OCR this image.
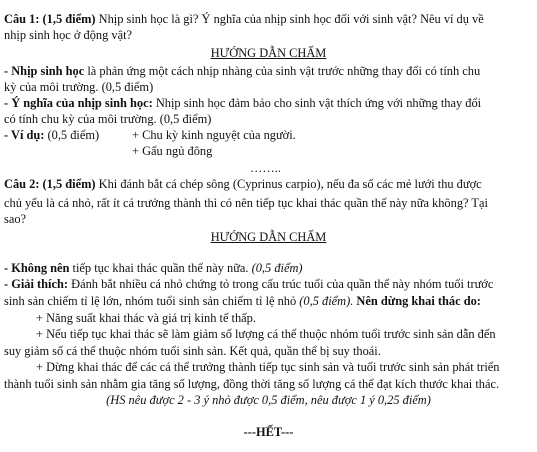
Câu 1: (1,5 điểm) Nhịp sinh học là gì? Ý nghĩa của nhịp sinh học đối với sinh vật? Nêu ví dụ về
nhịp sinh học ở động vật?
HƯỚNG DẪN CHẤM
- Nhịp sinh học là phản ứng một cách nhịp nhàng của sinh vật trước những thay đổi có tính chu
kỳ của môi trường. (0,5 điểm)
- Ý nghĩa của nhịp sinh học: Nhịp sinh học đảm bảo cho sinh vật thích ứng với những thay đổi
có tính chu kỳ của môi trường. (0,5 điểm)
- Ví dụ: (0,5 điểm)	+ Chu kỳ kinh nguyệt của người.
+ Gấu ngủ đông
……..
Câu 2: (1,5 điểm) Khi đánh bắt cá chép sông (Cyprinus carpio), nếu đa số các mẻ lưới thu được
chủ yếu là cá nhỏ, rất ít cá trưởng thành thì có nên tiếp tục khai thác quần thể này nữa không? Tại
sao?
HƯỚNG DẪN CHẤM
- Không nên tiếp tục khai thác quần thể này nữa. (0,5 điểm)
- Giải thích: Đánh bắt nhiều cá nhỏ chứng tỏ trong cấu trúc tuổi của quần thể này nhóm tuổi trước
sinh sản chiếm tỉ lệ lớn, nhóm tuổi sinh sản chiếm tỉ lệ nhỏ (0,5 điểm). Nên dừng khai thác do:
+ Năng suất khai thác và giá trị kinh tế thấp.
+ Nếu tiếp tục khai thác sẽ làm giảm số lượng cá thể thuộc nhóm tuổi trước sinh sản dẫn đến
suy giảm số cá thể thuộc nhóm tuổi sinh sản. Kết quả, quần thể bị suy thoái.
+ Dừng khai thác để các cá thể trưởng thành tiếp tục sinh sản và tuổi trước sinh sản phát triển
thành tuổi sinh sản nhằm gia tăng số lượng, đồng thời tăng số lượng cá thể đạt kích thước khai thác.
(HS nêu được 2 - 3 ý nhỏ được 0,5 điểm, nêu được 1 ý 0,25 điểm)
---HẾT---
